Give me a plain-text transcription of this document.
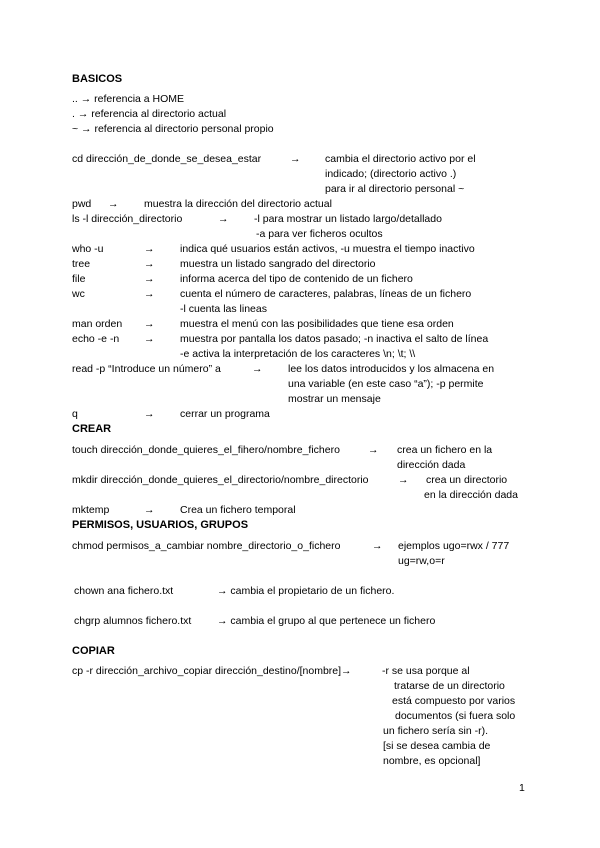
BASICOS
.. → referencia a HOME
. → referencia al directorio actual
~ → referencia al directorio personal propio
cd dirección_de_donde_se_desea_estar	→ cambia el directorio activo por el
indicado; (directorio activo .)
para ir al directorio personal ~
pwd → muestra la dirección del directorio actual
ls -l dirección_directorio	→ -l para mostrar un listado largo/detallado
-a para ver ficheros ocultos
who -u	→ indica qué usuarios están activos, -u muestra el tiempo inactivo
tree	→ muestra un listado sangrado del directorio
file	→ informa acerca del tipo de contenido de un fichero
wc	→ cuenta el número de caracteres, palabras, líneas de un fichero
-l cuenta las lineas
man orden → muestra el menú con las posibilidades que tiene esa orden
echo -e -n → muestra por pantalla los datos pasado; -n inactiva el salto de línea
-e activa la interpretación de los caracteres \n; \t; \\
read -p “Introduce un número” a	→ lee los datos introducidos y los almacena en
una variable (en este caso “a”); -p permite
mostrar un mensaje
q	→ cerrar un programa
CREAR
touch dirección_donde_quieres_el_fihero/nombre_fichero	→ crea un fichero en la
dirección dada
mkdir dirección_donde_quieres_el_directorio/nombre_directorio	→ crea un directorio
en la dirección dada
mktemp	→ Crea un fichero temporal
PERMISOS, USUARIOS, GRUPOS
chmod permisos_a_cambiar nombre_directorio_o_fichero	→ ejemplos ugo=rwx / 777
ug=rw,o=r
chown ana fichero.txt	→ cambia el propietario de un fichero.
chgrp alumnos fichero.txt → cambia el grupo al que pertenece un fichero
COPIAR
cp -r dirección_archivo_copiar dirección_destino/[nombre]→	-r se usa porque al
tratarse de un directorio
está compuesto por varios
documentos (si fuera solo
un fichero sería sin -r).
[si se desea cambia de
nombre, es opcional]
1
